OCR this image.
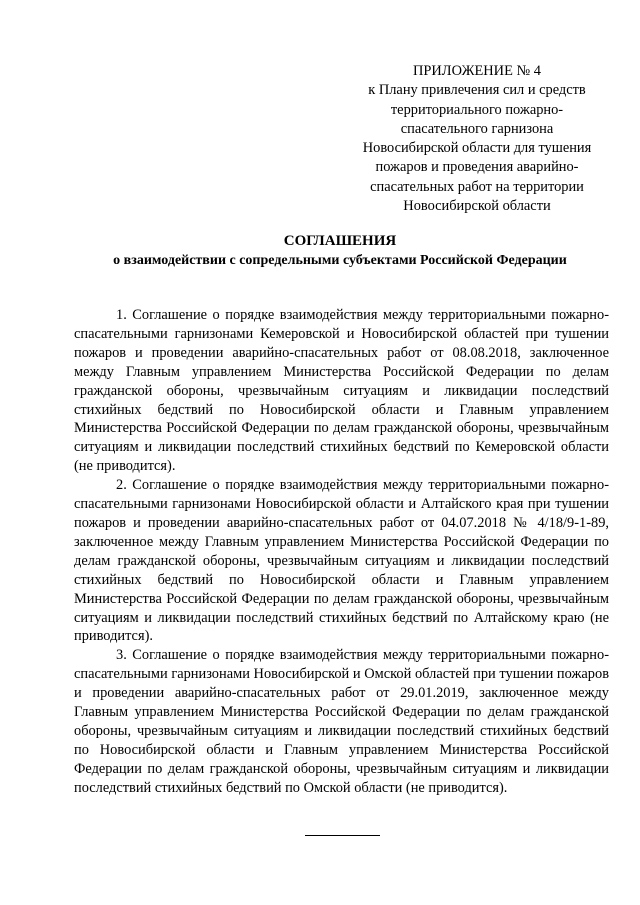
ПРИЛОЖЕНИЕ № 4
к Плану привлечения сил и средств
территориального пожарно-
спасательного гарнизона
Новосибирской области для тушения
пожаров и проведения аварийно-
спасательных работ на территории
Новосибирской области
СОГЛАШЕНИЯ
о взаимодействии с сопредельными субъектами Российской Федерации

1. Соглашение о порядке взаимодействия между территориальными пожарно-спасательными гарнизонами Кемеровской и Новосибирской областей при тушении пожаров и проведении аварийно-спасательных работ от 08.08.2018, заключенное между Главным управлением Министерства Российской Федерации по делам гражданской обороны, чрезвычайным ситуациям и ликвидации последствий стихийных бедствий по Новосибирской области и Главным управлением Министерства Российской Федерации по делам гражданской обороны, чрезвычайным ситуациям и ликвидации последствий стихийных бедствий по Кемеровской области (не приводится).

2. Соглашение о порядке взаимодействия между территориальными пожарно-спасательными гарнизонами Новосибирской области и Алтайского края при тушении пожаров и проведении аварийно-спасательных работ от 04.07.2018 № 4/18/9-1-89, заключенное между Главным управлением Министерства Российской Федерации по делам гражданской обороны, чрезвычайным ситуациям и ликвидации последствий стихийных бедствий по Новосибирской области и Главным управлением Министерства Российской Федерации по делам гражданской обороны, чрезвычайным ситуациям и ликвидации последствий стихийных бедствий по Алтайскому краю (не приводится).

3. Соглашение о порядке взаимодействия между территориальными пожарно-спасательными гарнизонами Новосибирской и Омской областей при тушении пожаров и проведении аварийно-спасательных работ от 29.01.2019, заключенное между Главным управлением Министерства Российской Федерации по делам гражданской обороны, чрезвычайным ситуациям и ликвидации последствий стихийных бедствий по Новосибирской области и Главным управлением Министерства Российской Федерации по делам гражданской обороны, чрезвычайным ситуациям и ликвидации последствий стихийных бедствий по Омской области (не приводится).
